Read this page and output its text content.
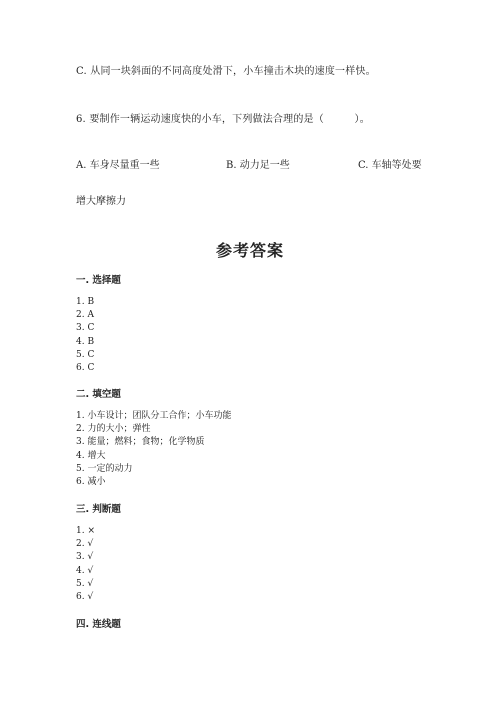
C. 从同一块斜面的不同高度处滑下，小车撞击木块的速度一样快。
6. 要制作一辆运动速度快的小车，下列做法合理的是（　　　）。
A. 车身尽量重一些	B. 动力足一些	C. 车轴等处要
增大摩擦力
参考答案
一. 选择题
1. B
2. A
3. C
4. B
5. C
6. C
二. 填空题
1. 小车设计；团队分工合作；小车功能
2. 力的大小；弹性
3. 能量；燃料；食物；化学物质
4. 增大
5. 一定的动力
6. 减小
三. 判断题
1. ×
2. √
3. √
4. √
5. √
6. √
四. 连线题
